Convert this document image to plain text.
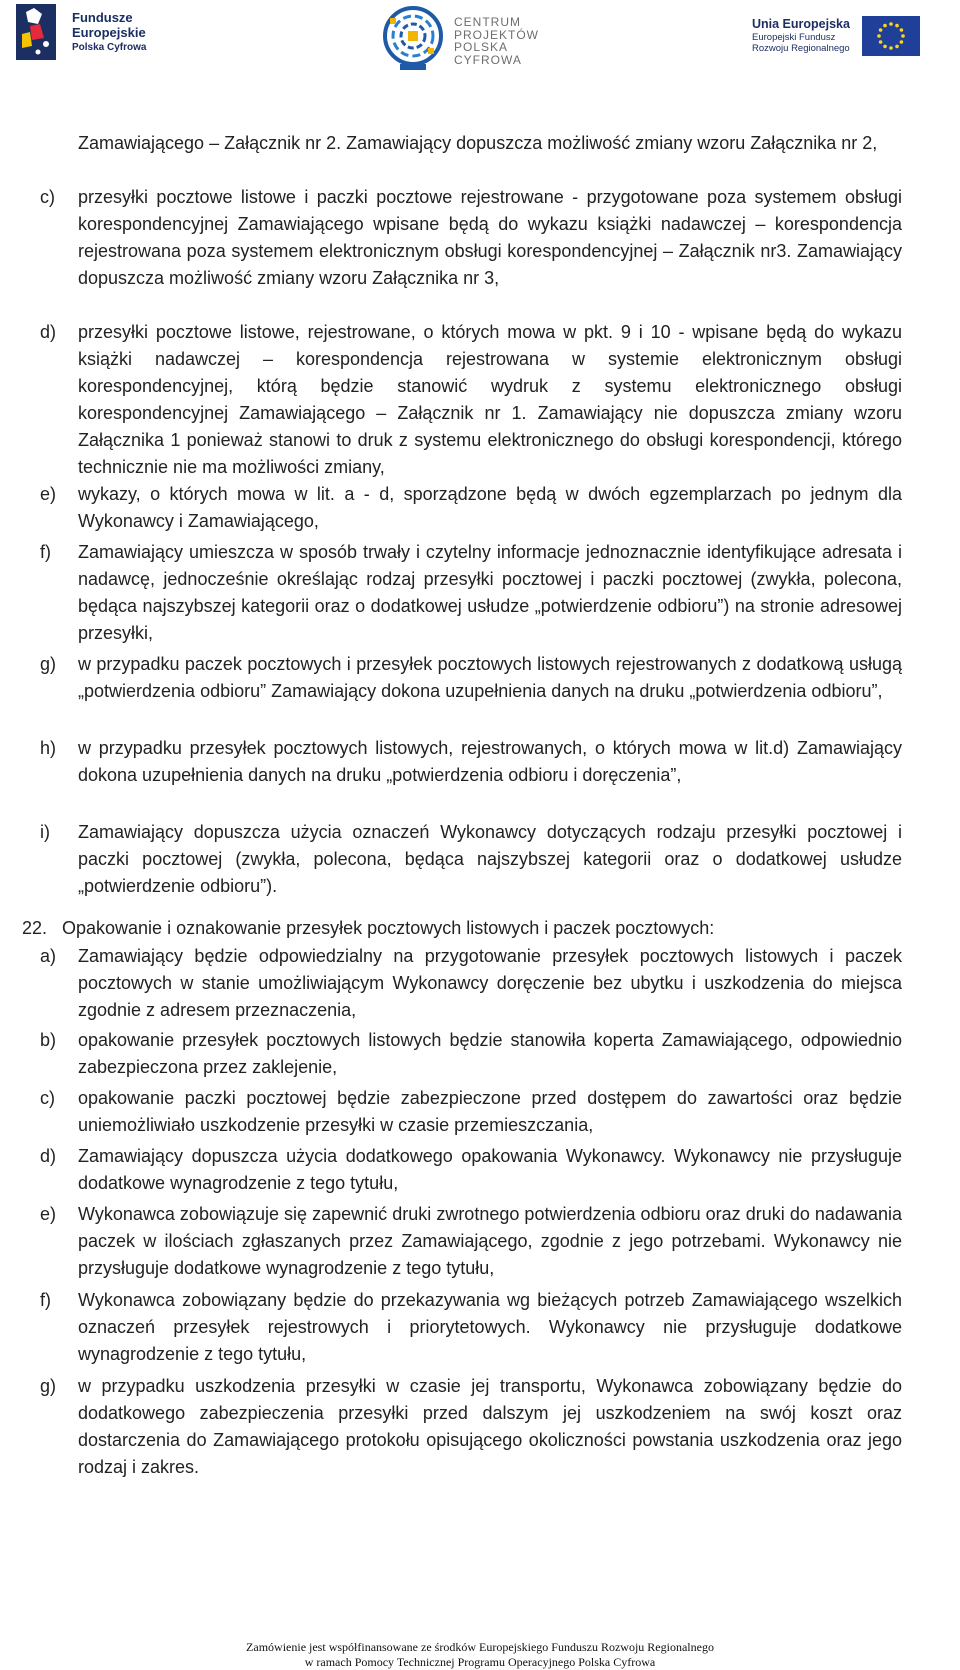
Fundusze
Europejskie
Polska Cyfrowa
CENTRUM
PROJEKTÓW
POLSKA
CYFROWA
Unia Europejska
Europejski Fundusz
Rozwoju Regionalnego
Zamawiającego – Załącznik nr 2. Zamawiający dopuszcza możliwość zmiany wzoru Załącznika nr 2,
c) przesyłki pocztowe listowe i paczki pocztowe rejestrowane - przygotowane poza systemem obsługi korespondencyjnej Zamawiającego wpisane będą do wykazu książki nadawczej – korespondencja rejestrowana poza systemem elektronicznym obsługi korespondencyjnej – Załącznik nr3. Zamawiający dopuszcza możliwość zmiany wzoru Załącznika nr 3,
d) przesyłki pocztowe listowe, rejestrowane, o których mowa w pkt. 9 i 10 - wpisane będą do wykazu książki nadawczej – korespondencja rejestrowana w systemie elektronicznym obsługi korespondencyjnej, którą będzie stanowić wydruk z systemu elektronicznego obsługi korespondencyjnej Zamawiającego – Załącznik nr 1. Zamawiający nie dopuszcza zmiany wzoru Załącznika 1 ponieważ stanowi to druk z systemu elektronicznego do obsługi korespondencji, którego technicznie nie ma możliwości zmiany,
e) wykazy, o których mowa w lit. a - d, sporządzone będą w dwóch egzemplarzach po jednym dla Wykonawcy i Zamawiającego,
f) Zamawiający umieszcza w sposób trwały i czytelny informacje jednoznacznie identyfikujące adresata i nadawcę, jednocześnie określając rodzaj przesyłki pocztowej i paczki pocztowej (zwykła, polecona, będąca najszybszej kategorii oraz o dodatkowej usłudze „potwierdzenie odbioru”) na stronie adresowej przesyłki,
g) w przypadku paczek pocztowych i przesyłek pocztowych listowych rejestrowanych z dodatkową usługą „potwierdzenia odbioru” Zamawiający dokona uzupełnienia danych na druku „potwierdzenia odbioru”,
h) w przypadku przesyłek pocztowych listowych, rejestrowanych, o których mowa w lit.d) Zamawiający dokona uzupełnienia danych na druku „potwierdzenia odbioru i doręczenia”,
i) Zamawiający dopuszcza użycia oznaczeń Wykonawcy dotyczących rodzaju przesyłki pocztowej i paczki pocztowej (zwykła, polecona, będąca najszybszej kategorii oraz o dodatkowej usłudze „potwierdzenie odbioru”).
22. Opakowanie i oznakowanie przesyłek pocztowych listowych i paczek pocztowych:
a) Zamawiający będzie odpowiedzialny na przygotowanie przesyłek pocztowych listowych i paczek pocztowych w stanie umożliwiającym Wykonawcy doręczenie bez ubytku i uszkodzenia do miejsca zgodnie z adresem przeznaczenia,
b) opakowanie przesyłek pocztowych listowych będzie stanowiła koperta Zamawiającego, odpowiednio zabezpieczona przez zaklejenie,
c) opakowanie paczki pocztowej będzie zabezpieczone przed dostępem do zawartości oraz będzie uniemożliwiało uszkodzenie przesyłki w czasie przemieszczania,
d) Zamawiający dopuszcza użycia dodatkowego opakowania Wykonawcy. Wykonawcy nie przysługuje dodatkowe wynagrodzenie z tego tytułu,
e) Wykonawca zobowiązuje się zapewnić druki zwrotnego potwierdzenia odbioru oraz druki do nadawania paczek w ilościach zgłaszanych przez Zamawiającego, zgodnie z jego potrzebami. Wykonawcy nie przysługuje dodatkowe wynagrodzenie z tego tytułu,
f) Wykonawca zobowiązany będzie do przekazywania wg bieżących potrzeb Zamawiającego wszelkich oznaczeń przesyłek rejestrowych i priorytetowych. Wykonawcy nie przysługuje dodatkowe wynagrodzenie z tego tytułu,
g) w przypadku uszkodzenia przesyłki w czasie jej transportu, Wykonawca zobowiązany będzie do dodatkowego zabezpieczenia przesyłki przed dalszym jej uszkodzeniem na swój koszt oraz dostarczenia do Zamawiającego protokołu opisującego okoliczności powstania uszkodzenia oraz jego rodzaj i zakres.
Zamówienie jest współfinansowane ze środków Europejskiego Funduszu Rozwoju Regionalnego
w ramach Pomocy Technicznej Programu Operacyjnego Polska Cyfrowa
